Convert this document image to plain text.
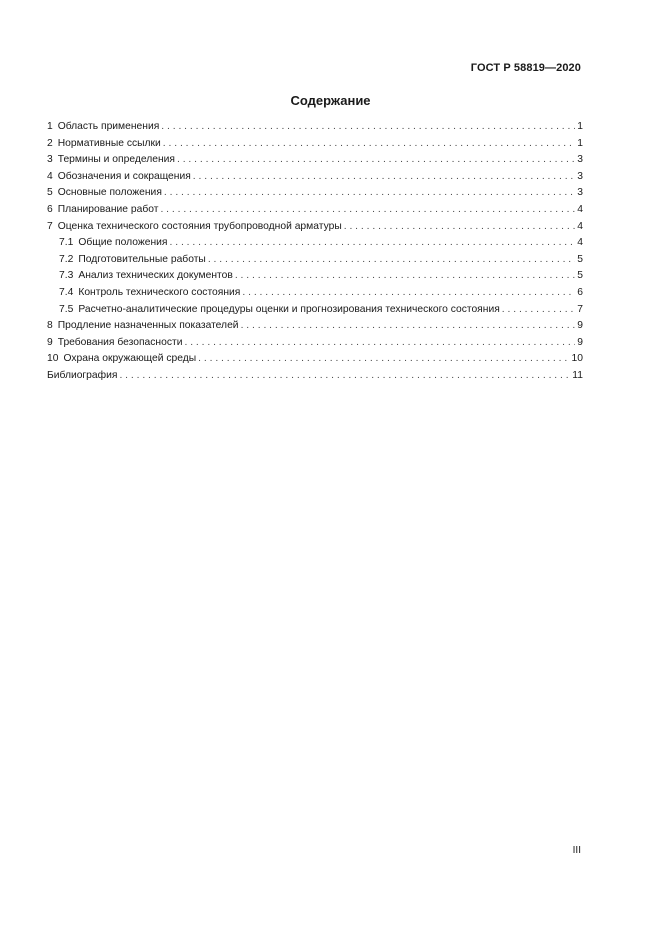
ГОСТ Р 58819—2020
Содержание
1 Область применения . . .	1
2 Нормативные ссылки . . .	1
3 Термины и определения . . .	3
4 Обозначения и сокращения . . .	3
5 Основные положения . . .	3
6 Планирование работ . . .	4
7 Оценка технического состояния трубопроводной арматуры . . .	4
7.1 Общие положения . . .	4
7.2 Подготовительные работы . . .	5
7.3 Анализ технических документов . . .	5
7.4 Контроль технического состояния . . .	6
7.5 Расчетно-аналитические процедуры оценки и прогнозирования технического состояния . . .	7
8 Продление назначенных показателей . . .	9
9 Требования безопасности . . .	9
10 Охрана окружающей среды . . .	10
Библиография . . .	11
III
